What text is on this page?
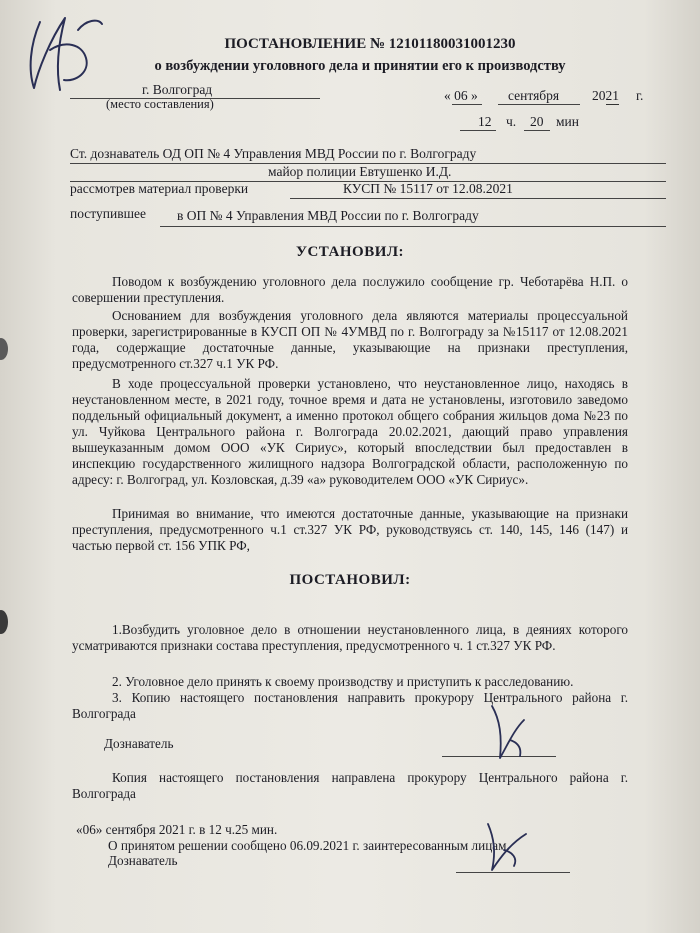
ПОСТАНОВЛЕНИЕ № 12101180031001230
о возбуждении уголовного дела и принятии его к производству
г. Волгоград
(место составления)
« 06 » сентября 2021 г.
12 ч. 20 мин
Ст. дознаватель ОД ОП № 4 Управления МВД России по г. Волгограду
майор полиции Евтушенко И.Д.
рассмотрев материал проверки	КУСП № 15117 от 12.08.2021
поступившее в ОП № 4 Управления МВД России по г. Волгограду
УСТАНОВИЛ:
Поводом к возбуждению уголовного дела послужило сообщение гр. Чеботарёва Н.П. о совершении преступления.
Основанием для возбуждения уголовного дела являются материалы процессуальной проверки, зарегистрированные в КУСП ОП № 4УМВД по г. Волгограду за №15117 от 12.08.2021 года, содержащие достаточные данные, указывающие на признаки преступления, предусмотренного ст.327 ч.1 УК РФ.
В ходе процессуальной проверки установлено, что неустановленное лицо, находясь в неустановленном месте, в 2021 году, точное время и дата не установлены, изготовило заведомо поддельный официальный документ, а именно протокол общего собрания жильцов дома №23 по ул. Чуйкова Центрального района г. Волгограда 20.02.2021, дающий право управления вышеуказанным домом ООО «УК Сириус», который впоследствии был предоставлен в инспекцию государственного жилищного надзора Волгоградской области, расположенную по адресу: г. Волгоград, ул. Козловская, д.39 «а» руководителем ООО «УК Сириус».
Принимая во внимание, что имеются достаточные данные, указывающие на признаки преступления, предусмотренного ч.1 ст.327 УК РФ, руководствуясь ст. 140, 145, 146 (147) и частью первой ст. 156 УПК РФ,
ПОСТАНОВИЛ:
1.Возбудить уголовное дело в отношении неустановленного лица, в деяниях которого усматриваются признаки состава преступления, предусмотренного ч. 1 ст.327 УК РФ.
2. Уголовное дело принять к своему производству и приступить к расследованию.
3. Копию настоящего постановления направить прокурору Центрального района г. Волгограда
Дознаватель
Копия настоящего постановления направлена прокурору Центрального района г. Волгограда
«06» сентября 2021 г. в 12 ч.25 мин.
О принятом решении сообщено 06.09.2021 г. заинтересованным лицам.
Дознаватель
